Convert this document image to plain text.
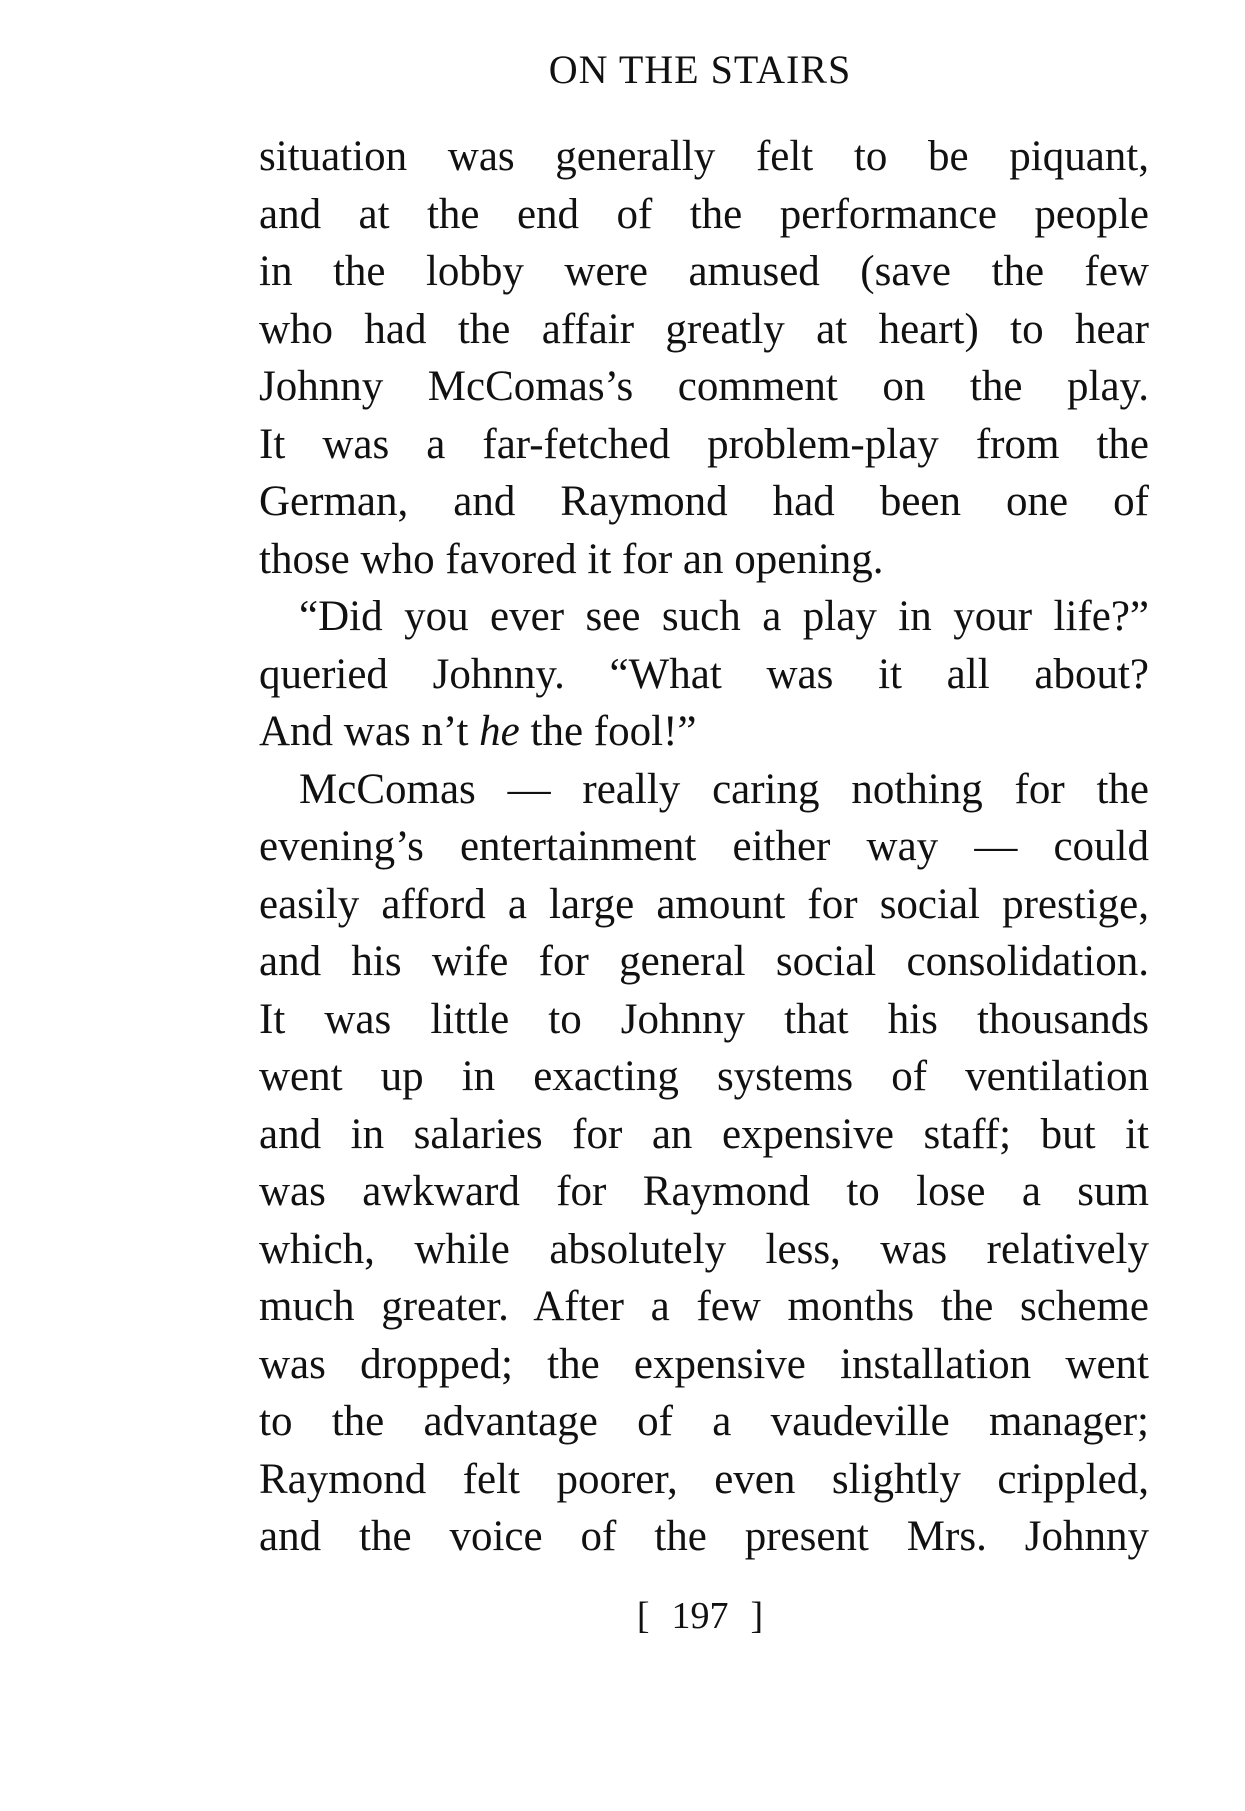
ON THE STAIRS
situation was generally felt to be piquant,
and at the end of the performance people
in the lobby were amused (save the few
who had the affair greatly at heart) to hear
Johnny McComas’s comment on the play.
It was a far-fetched problem-play from the
German, and Raymond had been one of
those who favored it for an opening.
“Did you ever see such a play in your life?”
queried Johnny. “What was it all about?
And was n’t he the fool!”
McComas — really caring nothing for the
evening’s entertainment either way — could
easily afford a large amount for social prestige,
and his wife for general social consolidation.
It was little to Johnny that his thousands
went up in exacting systems of ventilation
and in salaries for an expensive staff; but it
was awkward for Raymond to lose a sum
which, while absolutely less, was relatively
much greater. After a few months the scheme
was dropped; the expensive installation went
to the advantage of a vaudeville manager;
Raymond felt poorer, even slightly crippled,
and the voice of the present Mrs. Johnny
[ 197 ]
